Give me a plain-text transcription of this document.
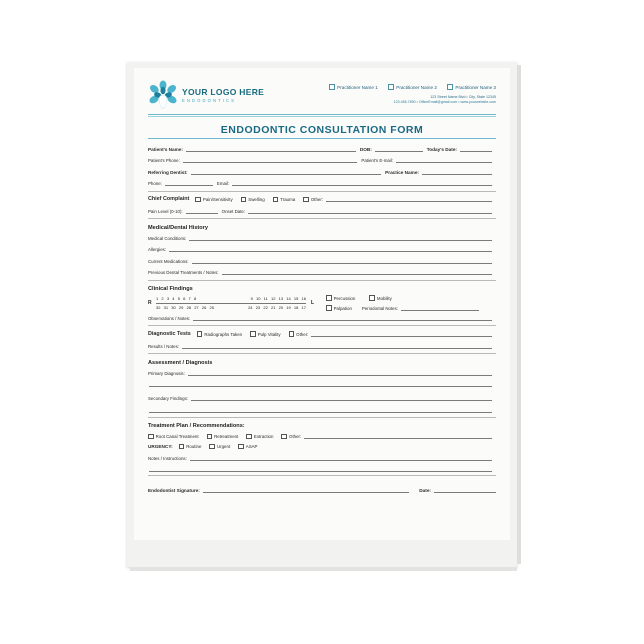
YOUR LOGO HERE
ENDODONTICS
Practitioner Name 1	Practitioner Name 2	Practitioner Name 3
123 Street Name Blvd • City, State 12345
123.456.7890 • OfficeEmail@gmail.com • www.yourwebsite.com
ENDODONTIC CONSULTATION FORM
Patient's Name:	DOB:	Today's Date:
Patient's Phone:	Patient's E-mail:
Referring Dentist:	Practice Name:
Phone:	Email:
Chief Complaint	Pain/Sensitivity	Swelling	Trauma	Other:
Pain Level (0-10):	Onset Date:
Medical/Dental History
Medical Conditions:
Allergies:
Current Medications:
Previous Dental Treatments / Notes:
Clinical Findings
R
1 2 3 4 5 6 7 8	9 10 11 12 13 14 15 16
32 31 30 29 28 27 26 25	24 23 22 21 20 19 18 17
L
Percussion	Mobility
Palpation Periodontal Notes:
Observations / Notes:
Diagnostic Tests	Radiographs Taken	Pulp Vitality	Other:
Results / Notes:
Assessment / Diagnosis
Primary Diagnosis:
Secondary Findings:
Treatment Plan / Recommendations:
Root Canal Treatment	Retreatment	Extraction	Other:
URGENCY:	Routine	Urgent	ASAP
Notes / Instructions:
Endodontist Signature:	Date:
